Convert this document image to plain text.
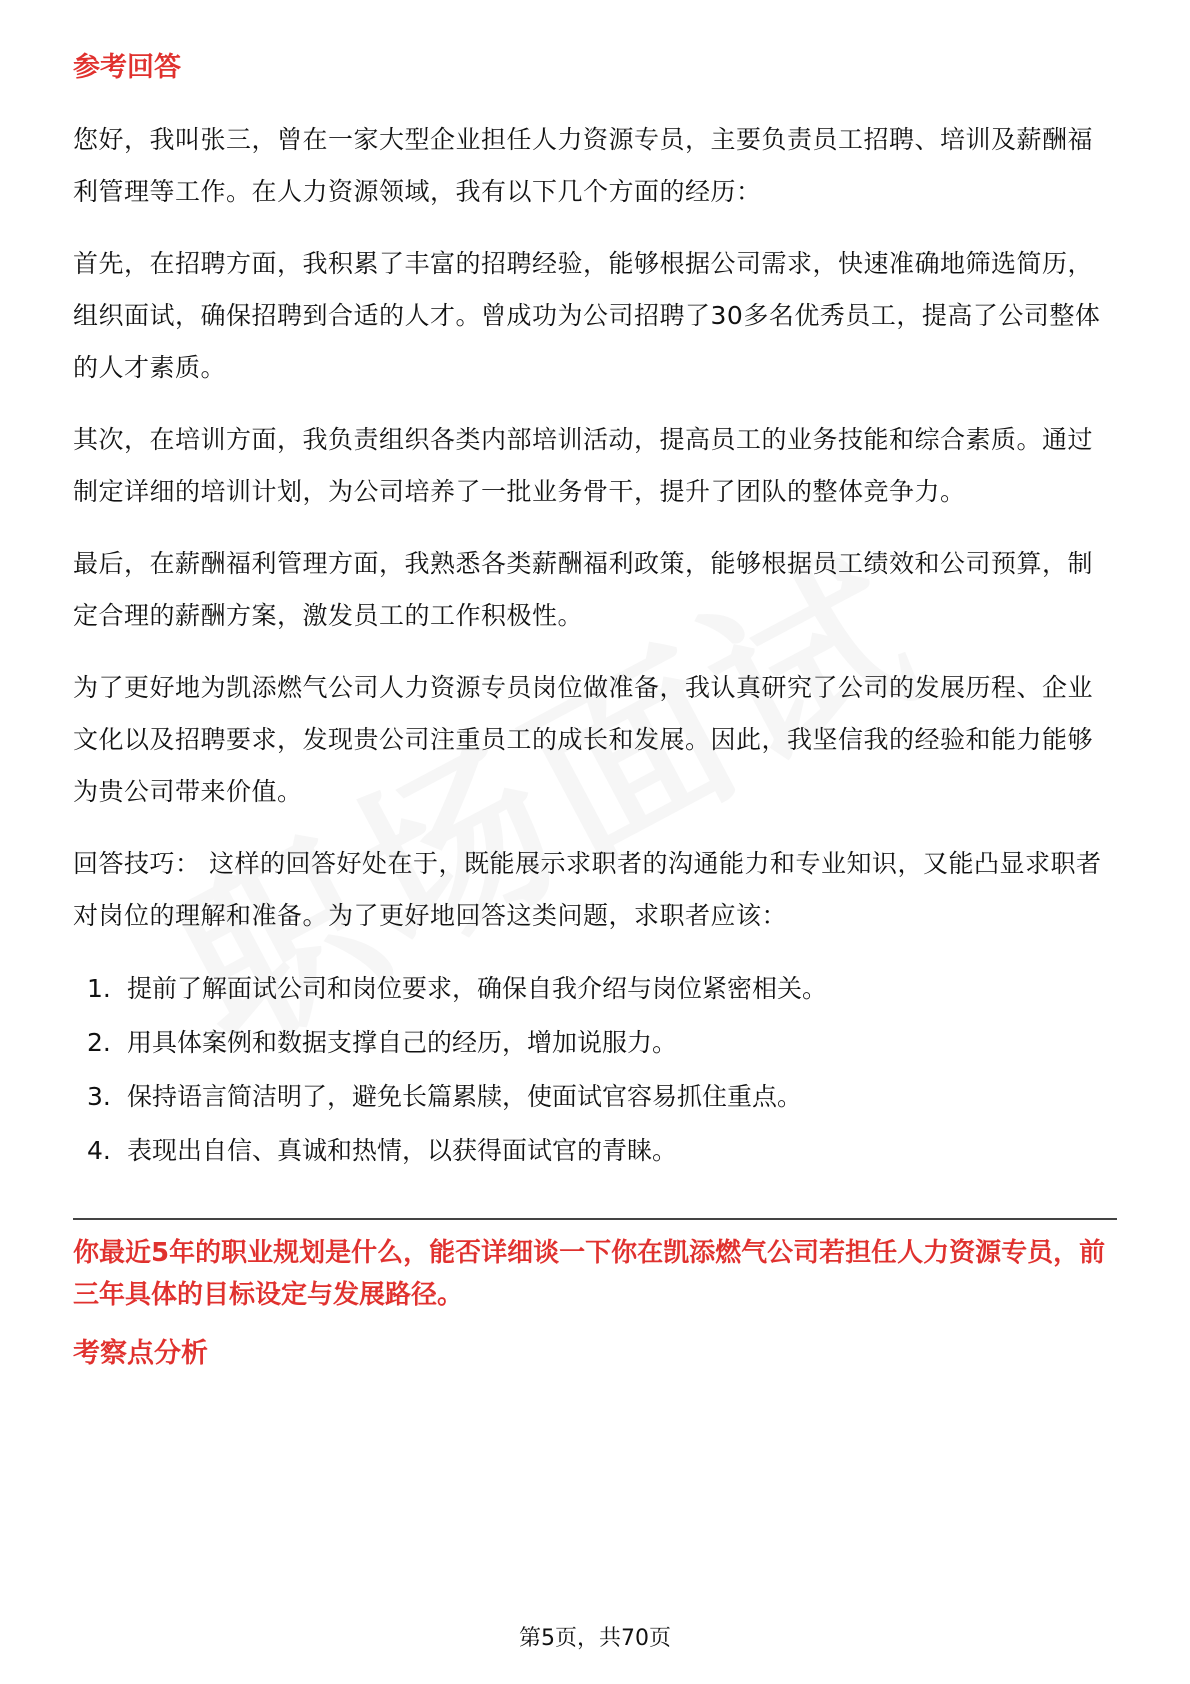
参考回答

您好，我叫张三，曾在一家大型企业担任人力资源专员，主要负责员工招聘、培训及薪酬福利管理等工作。在人力资源领域，我有以下几个方面的经历：

首先，在招聘方面，我积累了丰富的招聘经验，能够根据公司需求，快速准确地筛选简历，组织面试，确保招聘到合适的人才。曾成功为公司招聘了30多名优秀员工，提高了公司整体的人才素质。

其次，在培训方面，我负责组织各类内部培训活动，提高员工的业务技能和综合素质。通过制定详细的培训计划，为公司培养了一批业务骨干，提升了团队的整体竞争力。

最后，在薪酬福利管理方面，我熟悉各类薪酬福利政策，能够根据员工绩效和公司预算，制定合理的薪酬方案，激发员工的工作积极性。

为了更好地为凯添燃气公司人力资源专员岗位做准备，我认真研究了公司的发展历程、企业文化以及招聘要求，发现贵公司注重员工的成长和发展。因此，我坚信我的经验和能力能够为贵公司带来价值。

回答技巧： 这样的回答好处在于，既能展示求职者的沟通能力和专业知识，又能凸显求职者对岗位的理解和准备。为了更好地回答这类问题，求职者应该：

1. 提前了解面试公司和岗位要求，确保自我介绍与岗位紧密相关。
2. 用具体案例和数据支撑自己的经历，增加说服力。
3. 保持语言简洁明了，避免长篇累牍，使面试官容易抓住重点。
4. 表现出自信、真诚和热情，以获得面试官的青睐。
你最近5年的职业规划是什么，能否详细谈一下你在凯添燃气公司若担任人力资源专员，前三年具体的目标设定与发展路径。
考察点分析
第5页，共70页
